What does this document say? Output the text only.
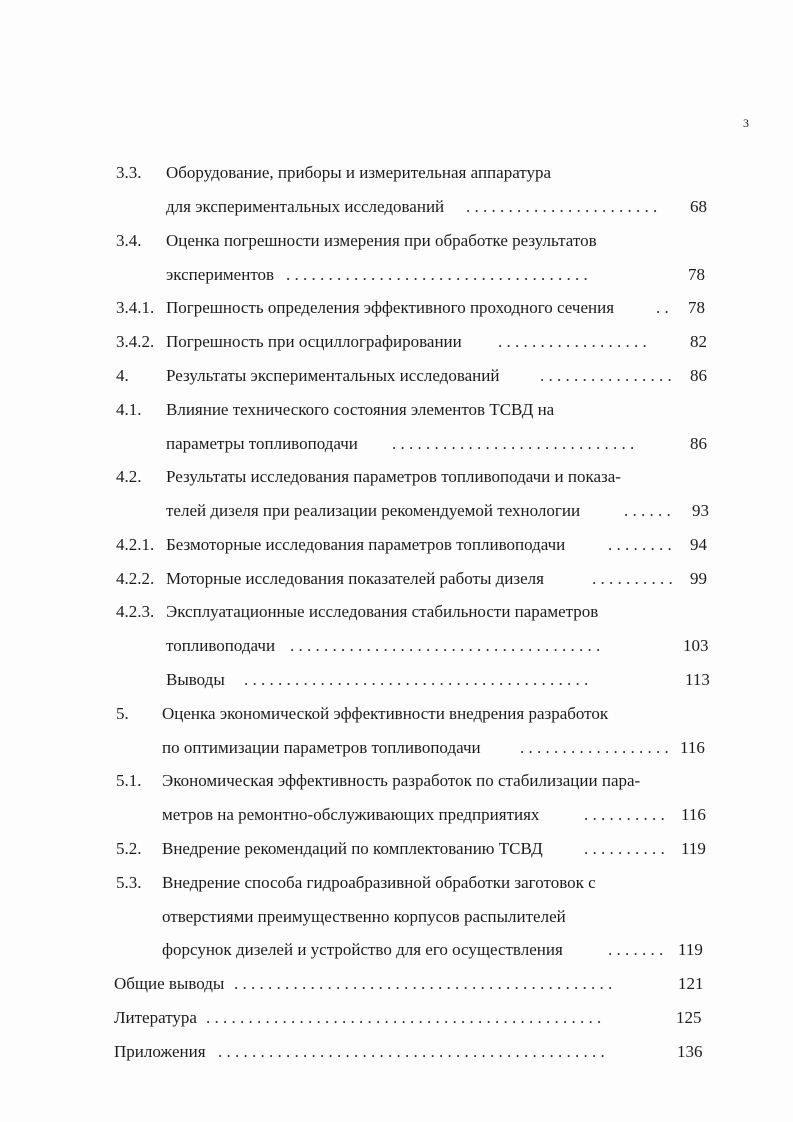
3
3.3. Оборудование, приборы и измерительная аппаратура
для экспериментальных исследований . . . . . . . . . . . . . . . . . . . . . . . 68
3.4. Оценка погрешности измерения при обработке результатов
экспериментов . . . . . . . . . . . . . . . . . . . . . . . . . . . . . . . . . . . .	78
3.4.1. Погрешность определения эффективного проходного сечения . . 78
3.4.2. Погрешность при осциллографировании . . . . . . . . . . . . . . . . . .	82
4. Результаты экспериментальных исследований . . . . . . . . . . . . . . . . 86
4.1. Влияние технического состояния элементов ТСВД на
параметры топливоподачи . . . . . . . . . . . . . . . . . . . . . . . . . . . . .	86
4.2. Результаты исследования параметров топливоподачи и показа-
телей дизеля при реализации рекомендуемой технологии	. . . . . . 93
4.2.1. Безмоторные исследования параметров топливоподачи	. . . . . . . . 94
4.2.2. Моторные исследования показателей работы дизеля	. . . . . . . . . . 99
4.2.3. Эксплуатационные исследования стабильности параметров
топливоподачи . . . . . . . . . . . . . . . . . . . . . . . . . . . . . . . . . . . . .	103
Выводы . . . . . . . . . . . . . . . . . . . . . . . . . . . . . . . . . . . . . . . . .	113
5. Оценка экономической эффективности внедрения разработок
по оптимизации параметров топливоподачи . . . . . . . . . . . . . . . . . . 116
5.1. Экономическая эффективность разработок по стабилизации пара-
метров на ремонтно-обслуживающих предприятиях	. . . . . . . . . . 116
5.2. Внедрение рекомендаций по комплектованию ТСВД . . . . . . . . . . 119
5.3. Внедрение способа гидроабразивной обработки заготовок с
отверстиями преимущественно корпусов распылителей
форсунок дизелей и устройство для его осуществления	. . . . . . . 119
Общие выводы . . . . . . . . . . . . . . . . . . . . . . . . . . . . . . . . . . . . . . . . . . . . .	121
Литература . . . . . . . . . . . . . . . . . . . . . . . . . . . . . . . . . . . . . . . . . . . . . . .	125
Приложения . . . . . . . . . . . . . . . . . . . . . . . . . . . . . . . . . . . . . . . . . . . . . .	136
